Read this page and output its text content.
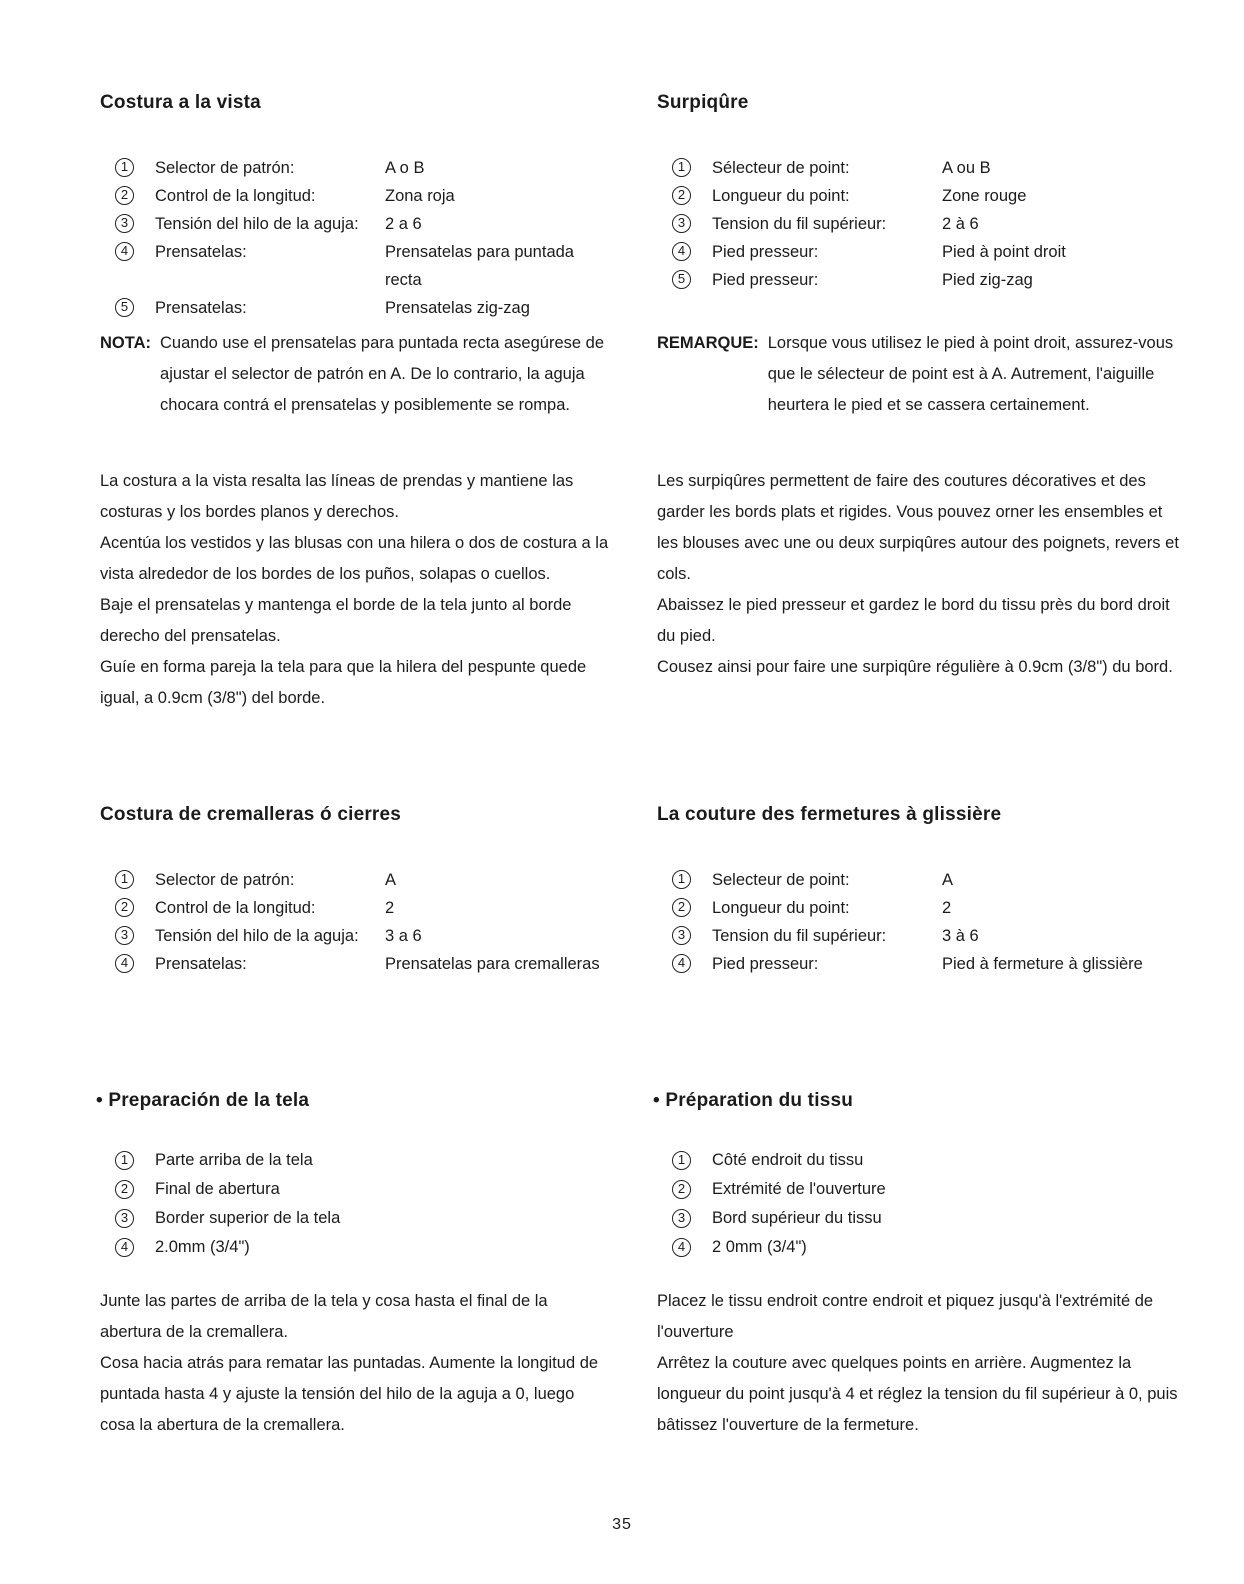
Costura a la vista
1	Selector de patrón:	A o B
2	Control de la longitud:	Zona roja
3	Tensión del hilo de la aguja:	2 a 6
4	Prensatelas:	Prensatelas para puntada recta
5	Prensatelas:	Prensatelas zig-zag
NOTA: Cuando use el prensatelas para puntada recta asegúrese de ajustar el selector de patrón en A. De lo contrario, la aguja chocara contrá el prensatelas y posiblemente se rompa.
La costura a la vista resalta las líneas de prendas y mantiene las costuras y los bordes planos y derechos.
Acentúa los vestidos y las blusas con una hilera o dos de costura a la vista alrededor de los bordes de los puños, solapas o cuellos.
Baje el prensatelas y mantenga el borde de la tela junto al borde derecho del prensatelas.
Guíe en forma pareja la tela para que la hilera del pespunte quede igual, a 0.9cm (3/8") del borde.
Costura de cremalleras ó cierres
1	Selector de patrón:	A
2	Control de la longitud:	2
3	Tensión del hilo de la aguja:	3 a 6
4	Prensatelas:	Prensatelas para cremalleras
• Preparación de la tela
1	Parte arriba de la tela
2	Final de abertura
3	Border superior de la tela
4	2.0mm (3/4")
Junte las partes de arriba de la tela y cosa hasta el final de la abertura de la cremallera.
Cosa hacia atrás para rematar las puntadas. Aumente la longitud de puntada hasta 4 y ajuste la tensión del hilo de la aguja a 0, luego cosa la abertura de la cremallera.
Surpiqûre
1	Sélecteur de point:	A ou B
2	Longueur du point:	Zone rouge
3	Tension du fil supérieur:	2 à 6
4	Pied presseur:	Pied à point droit
5	Pied presseur:	Pied zig-zag
REMARQUE: Lorsque vous utilisez le pied à point droit, assurez-vous que le sélecteur de point est à A. Autrement, l'aiguille heurtera le pied et se cassera certainement.
Les surpiqûres permettent de faire des coutures décoratives et des garder les bords plats et rigides. Vous pouvez orner les ensembles et les blouses avec une ou deux surpiqûres autour des poignets, revers et cols.
Abaissez le pied presseur et gardez le bord du tissu près du bord droit du pied.
Cousez ainsi pour faire une surpiqûre régulière à 0.9cm (3/8") du bord.
La couture des fermetures à glissière
1	Selecteur de point:	A
2	Longueur du point:	2
3	Tension du fil supérieur:	3 à 6
4	Pied presseur:	Pied à fermeture à glissière
• Préparation du tissu
1	Côté endroit du tissu
2	Extrémité de l'ouverture
3	Bord supérieur du tissu
4	2 0mm (3/4")
Placez le tissu endroit contre endroit et piquez jusqu'à l'extrémité de l'ouverture
Arrêtez la couture avec quelques points en arrière. Augmentez la longueur du point jusqu'à 4 et réglez la tension du fil supérieur à 0, puis bâtissez l'ouverture de la fermeture.
35
